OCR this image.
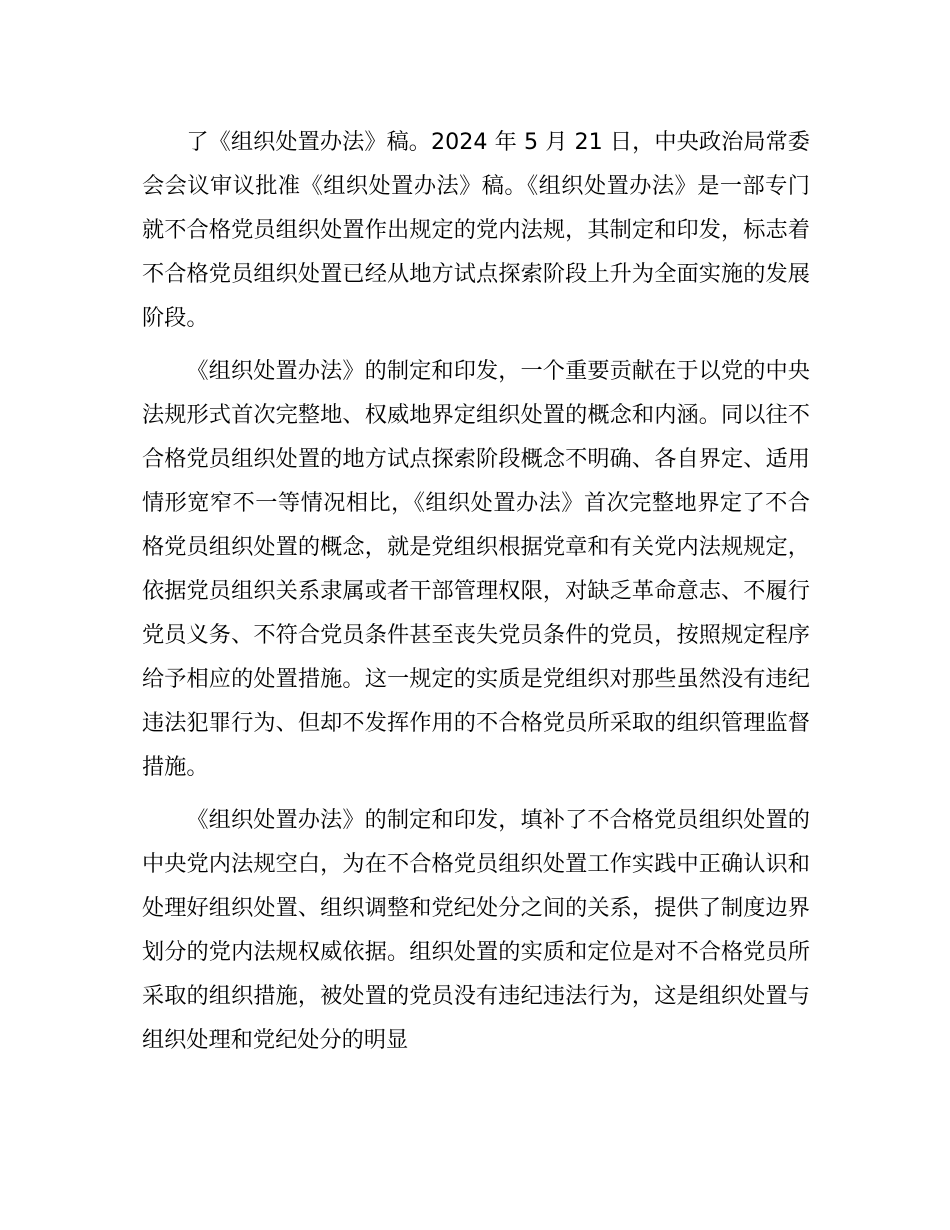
了《组织处置办法》稿。2024 年 5 月 21 日，中央政治局常委会会议审议批准《组织处置办法》稿。《组织处置办法》是一部专门就不合格党员组织处置作出规定的党内法规，其制定和印发，标志着不合格党员组织处置已经从地方试点探索阶段上升为全面实施的发展阶段。

《组织处置办法》的制定和印发，一个重要贡献在于以党的中央法规形式首次完整地、权威地界定组织处置的概念和内涵。同以往不合格党员组织处置的地方试点探索阶段概念不明确、各自界定、适用情形宽窄不一等情况相比，《组织处置办法》首次完整地界定了不合格党员组织处置的概念，就是党组织根据党章和有关党内法规规定，依据党员组织关系隶属或者干部管理权限，对缺乏革命意志、不履行党员义务、不符合党员条件甚至丧失党员条件的党员，按照规定程序给予相应的处置措施。这一规定的实质是党组织对那些虽然没有违纪违法犯罪行为、但却不发挥作用的不合格党员所采取的组织管理监督措施。

《组织处置办法》的制定和印发，填补了不合格党员组织处置的中央党内法规空白，为在不合格党员组织处置工作实践中正确认识和处理好组织处置、组织调整和党纪处分之间的关系，提供了制度边界划分的党内法规权威依据。组织处置的实质和定位是对不合格党员所采取的组织措施，被处置的党员没有违纪违法行为，这是组织处置与组织处理和党纪处分的明显
